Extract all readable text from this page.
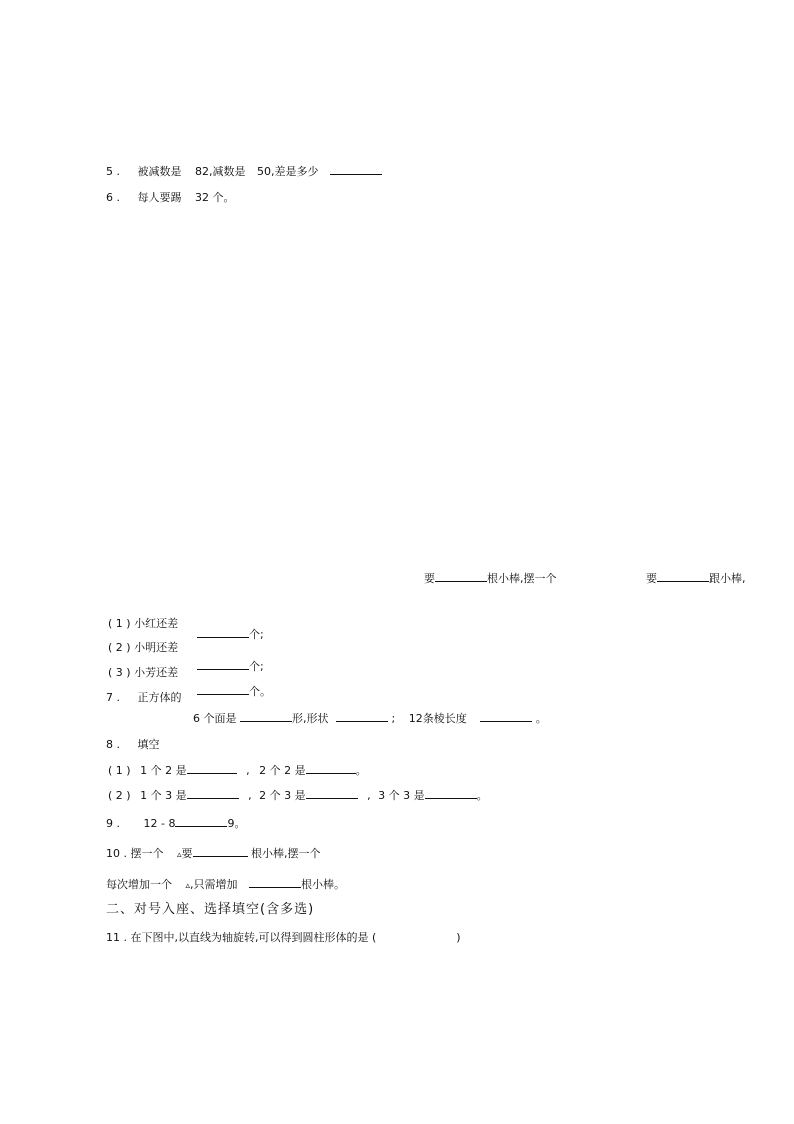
5 . 被减数是 82,减数是 50,差是多少
6 . 每人要踢 32 个。
要	根小棒,摆一个	要	跟小棒,
( 1 ) 小红还差
( 2 ) 小明还差
( 3 ) 小芳还差
个;
个;
个。
7 . 正方体的
6 个面是	形,形状	; 12条棱长度	。
8 . 填空
( 1 ) 1 个 2 是	, 2 个 2 是	。
( 2 ) 1 个 3 是	, 2 个 3 是	, 3 个 3 是	。
9 . 12 - 8	9。
10 . 摆一个 ▵要	根小棒,摆一个
每次增加一个 ▵,只需增加	根小棒。
二、对号入座、选择填空(含多选)
11 . 在下图中,以直线为轴旋转,可以得到圆柱形体的是 (	)
